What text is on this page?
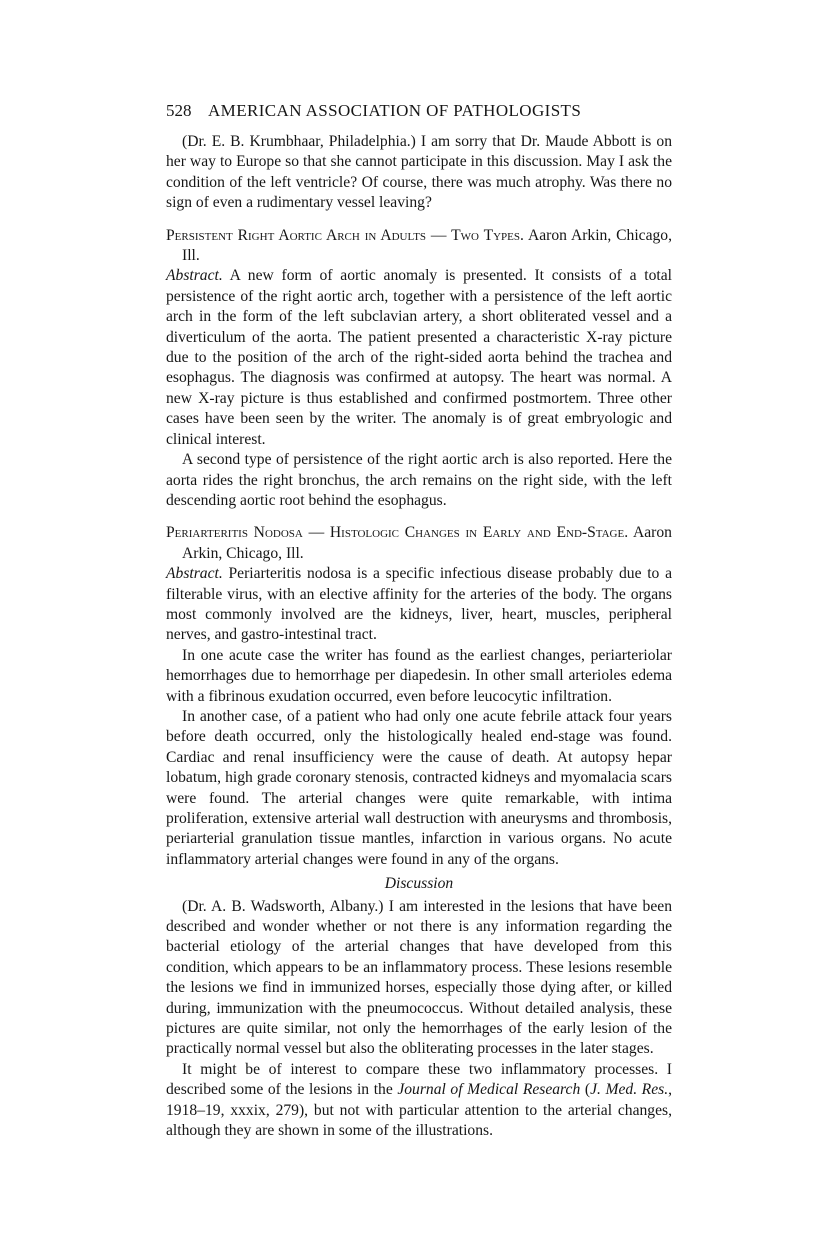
528 AMERICAN ASSOCIATION OF PATHOLOGISTS

(Dr. E. B. Krumbhaar, Philadelphia.) I am sorry that Dr. Maude Abbott is on her way to Europe so that she cannot participate in this discussion. May I ask the condition of the left ventricle? Of course, there was much atrophy. Was there no sign of even a rudimentary vessel leaving?

Persistent Right Aortic Arch in Adults — Two Types. Aaron Arkin, Chicago, Ill.

Abstract. A new form of aortic anomaly is presented. It consists of a total persistence of the right aortic arch, together with a persistence of the left aortic arch in the form of the left subclavian artery, a short obliterated vessel and a diverticulum of the aorta. The patient presented a characteristic X-ray picture due to the position of the arch of the right-sided aorta behind the trachea and esophagus. The diagnosis was confirmed at autopsy. The heart was normal. A new X-ray picture is thus established and confirmed postmortem. Three other cases have been seen by the writer. The anomaly is of great embryologic and clinical interest.

A second type of persistence of the right aortic arch is also reported. Here the aorta rides the right bronchus, the arch remains on the right side, with the left descending aortic root behind the esophagus.

Periarteritis Nodosa — Histologic Changes in Early and End-Stage. Aaron Arkin, Chicago, Ill.

Abstract. Periarteritis nodosa is a specific infectious disease probably due to a filterable virus, with an elective affinity for the arteries of the body. The organs most commonly involved are the kidneys, liver, heart, muscles, peripheral nerves, and gastro-intestinal tract.

In one acute case the writer has found as the earliest changes, periarteriolar hemorrhages due to hemorrhage per diapedesin. In other small arterioles edema with a fibrinous exudation occurred, even before leucocytic infiltration.

In another case, of a patient who had only one acute febrile attack four years before death occurred, only the histologically healed end-stage was found. Cardiac and renal insufficiency were the cause of death. At autopsy hepar lobatum, high grade coronary stenosis, contracted kidneys and myomalacia scars were found. The arterial changes were quite remarkable, with intima proliferation, extensive arterial wall destruction with aneurysms and thrombosis, periarterial granulation tissue mantles, infarction in various organs. No acute inflammatory arterial changes were found in any of the organs.

Discussion

(Dr. A. B. Wadsworth, Albany.) I am interested in the lesions that have been described and wonder whether or not there is any information regarding the bacterial etiology of the arterial changes that have developed from this condition, which appears to be an inflammatory process. These lesions resemble the lesions we find in immunized horses, especially those dying after, or killed during, immunization with the pneumococcus. Without detailed analysis, these pictures are quite similar, not only the hemorrhages of the early lesion of the practically normal vessel but also the obliterating processes in the later stages.

It might be of interest to compare these two inflammatory processes. I described some of the lesions in the Journal of Medical Research (J. Med. Res., 1918–19, xxxix, 279), but not with particular attention to the arterial changes, although they are shown in some of the illustrations.
